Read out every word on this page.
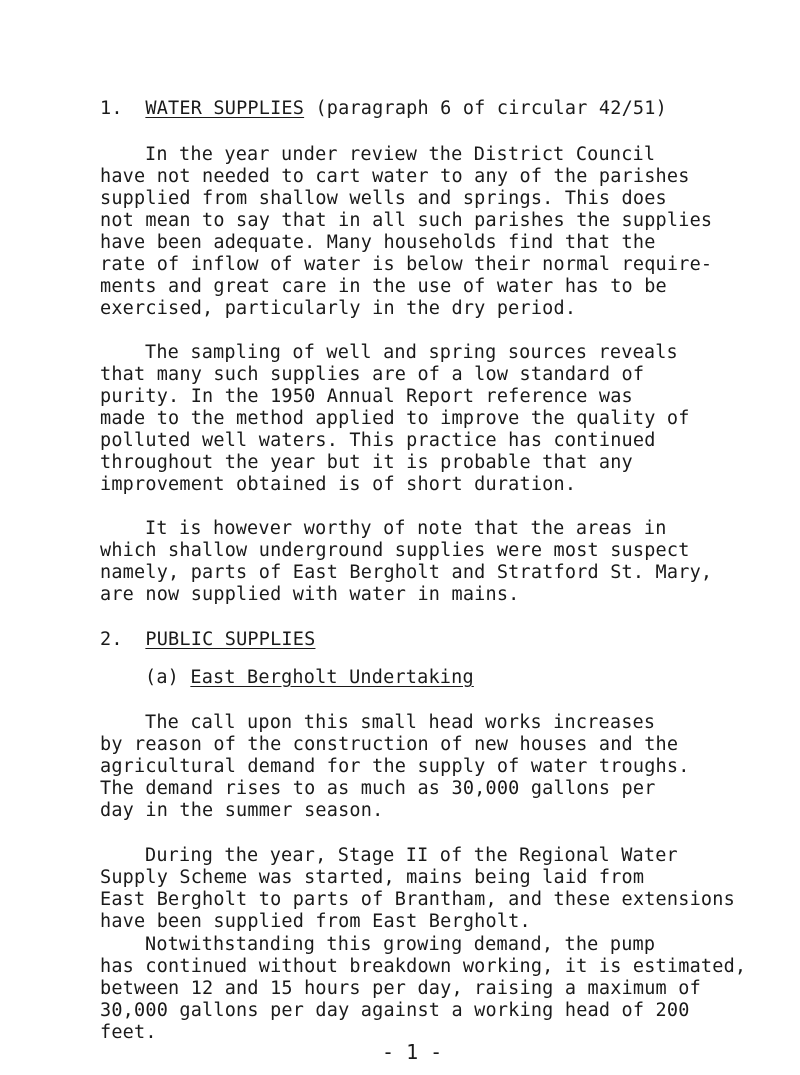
1. WATER SUPPLIES (paragraph 6 of circular 42/51)
In the year under review the District Council
have not needed to cart water to any of the parishes
supplied from shallow wells and springs. This does
not mean to say that in all such parishes the supplies
have been adequate. Many households find that the
rate of inflow of water is below their normal require-
ments and great care in the use of water has to be
exercised, particularly in the dry period.
The sampling of well and spring sources reveals
that many such supplies are of a low standard of
purity. In the 1950 Annual Report reference was
made to the method applied to improve the quality of
polluted well waters. This practice has continued
throughout the year but it is probable that any
improvement obtained is of short duration.
It is however worthy of note that the areas in
which shallow underground supplies were most suspect
namely, parts of East Bergholt and Stratford St. Mary,
are now supplied with water in mains.
2. PUBLIC SUPPLIES
(a) East Bergholt Undertaking
The call upon this small head works increases
by reason of the construction of new houses and the
agricultural demand for the supply of water troughs.
The demand rises to as much as 30,000 gallons per
day in the summer season.
During the year, Stage II of the Regional Water
Supply Scheme was started, mains being laid from
East Bergholt to parts of Brantham, and these extensions
have been supplied from East Bergholt.
Notwithstanding this growing demand, the pump
has continued without breakdown working, it is estimated,
between 12 and 15 hours per day, raising a maximum of
30,000 gallons per day against a working head of 200
feet.
- 1 -
